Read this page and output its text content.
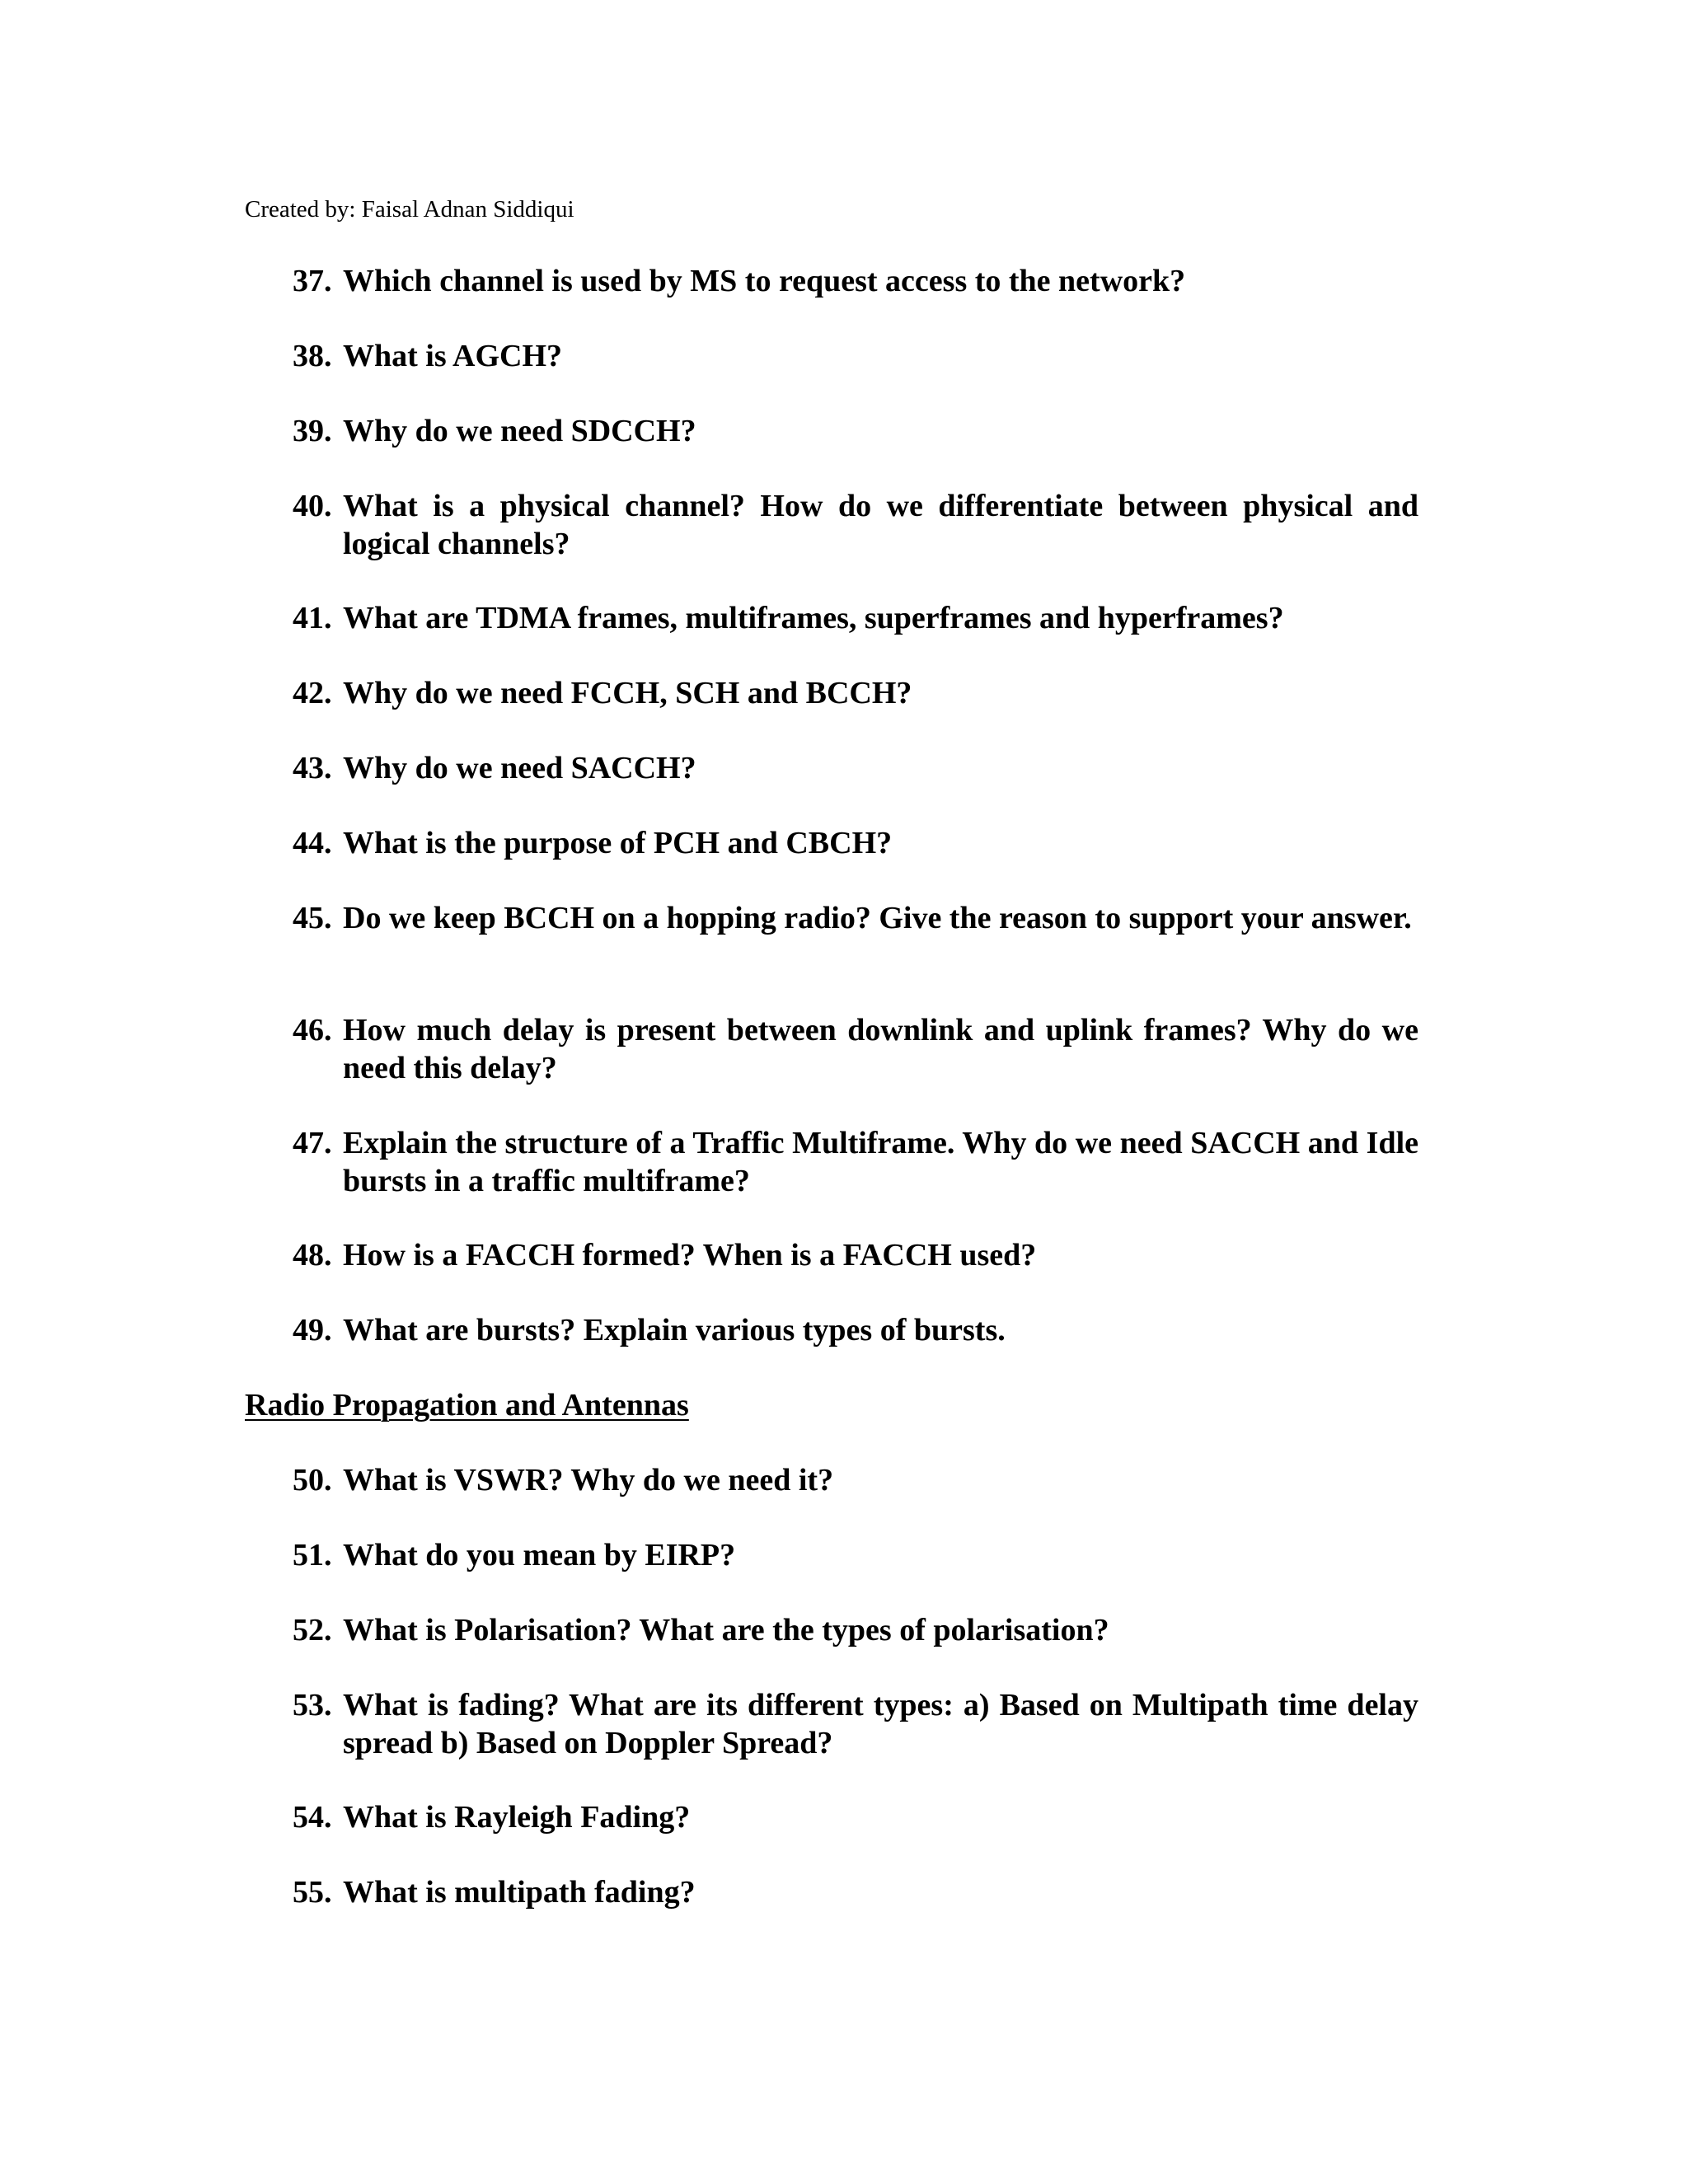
Created by: Faisal Adnan Siddiqui
37. Which channel is used by MS to request access to the network?
38. What is AGCH?
39. Why do we need SDCCH?
40. What is a physical channel? How do we differentiate between physical and logical channels?
41. What are TDMA frames, multiframes, superframes and hyperframes?
42. Why do we need FCCH, SCH and BCCH?
43. Why do we need SACCH?
44. What is the purpose of PCH and CBCH?
45. Do we keep BCCH on a hopping radio? Give the reason to support your answer.
46. How much delay is present between downlink and uplink frames? Why do we need this delay?
47. Explain the structure of a Traffic Multiframe. Why do we need SACCH and Idle bursts in a traffic multiframe?
48. How is a FACCH formed? When is a FACCH used?
49. What are bursts? Explain various types of bursts.
Radio Propagation and Antennas
50. What is VSWR? Why do we need it?
51. What do you mean by EIRP?
52. What is Polarisation? What are the types of polarisation?
53. What is fading? What are its different types: a) Based on Multipath time delay spread b) Based on Doppler Spread?
54. What is Rayleigh Fading?
55. What is multipath fading?
